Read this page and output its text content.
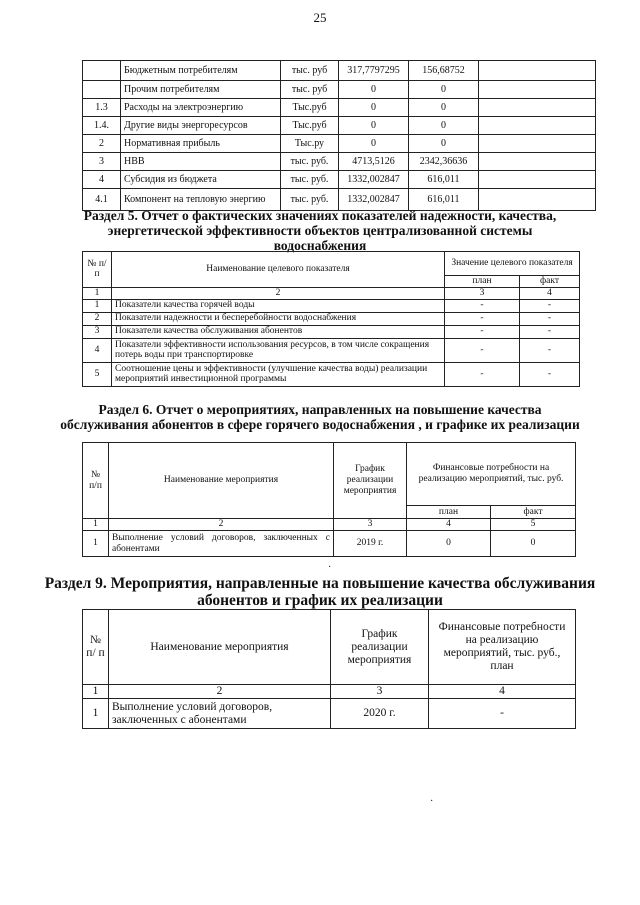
25
	Бюджетным потребителям	тыс. руб	317,7797295	156,68752	
	Прочим потребителям	тыс. руб	0	0	
1.3	Расходы на электроэнергию	Тыс.руб	0	0	
1.4.	Другие виды энергоресурсов	Тыс.руб	0	0	
2	Нормативная прибыль	Тыс.ру	0	0	
3	НВВ	тыс. руб.	4713,5126	2342,36636	
4	Субсидия из бюджета	тыс. руб.	1332,002847	616,011	
4.1	Компонент на тепловую энергию	тыс. руб.	1332,002847	616,011	
Раздел 5. Отчет о фактических значениях показателей надежности, качества, энергетической эффективности объектов централизованной системы водоснабжения
№ п/п	Наименование целевого показателя	Значение целевого показателя	
		план	факт
1	2	3	4
1	Показатели качества горячей воды	-	-
2	Показатели надежности и бесперебойности водоснабжения	-	-
3	Показатели качества обслуживания абонентов	-	-
4	Показатели эффективности использования ресурсов, в том числе сокращения потерь воды при транспортировке	-	-
5	Соотношение цены и эффективности (улучшение качества воды) реализации мероприятий инвестиционной программы	-	-
Раздел 6. Отчет о мероприятиях, направленных на повышение качества обслуживания абонентов в сфере горячего водоснабжения , и графике их реализации
№ п/п	Наименование мероприятия	График реализации мероприятия	Финансовые потребности на реализацию мероприятий, тыс. руб.	
			план	факт
1	2	3	4	5
1	Выполнение условий договоров, заключенных с абонентами	2019 г.	0	0
·
Раздел 9. Мероприятия, направленные на повышение качества обслуживания абонентов и график их реализации
№ п/ п	Наименование мероприятия	График реализации мероприятия	Финансовые потребности на реализацию мероприятий, тыс. руб., план
1	2	3	4
1	Выполнение условий договоров, заключенных с абонентами	2020 г.	-
·
